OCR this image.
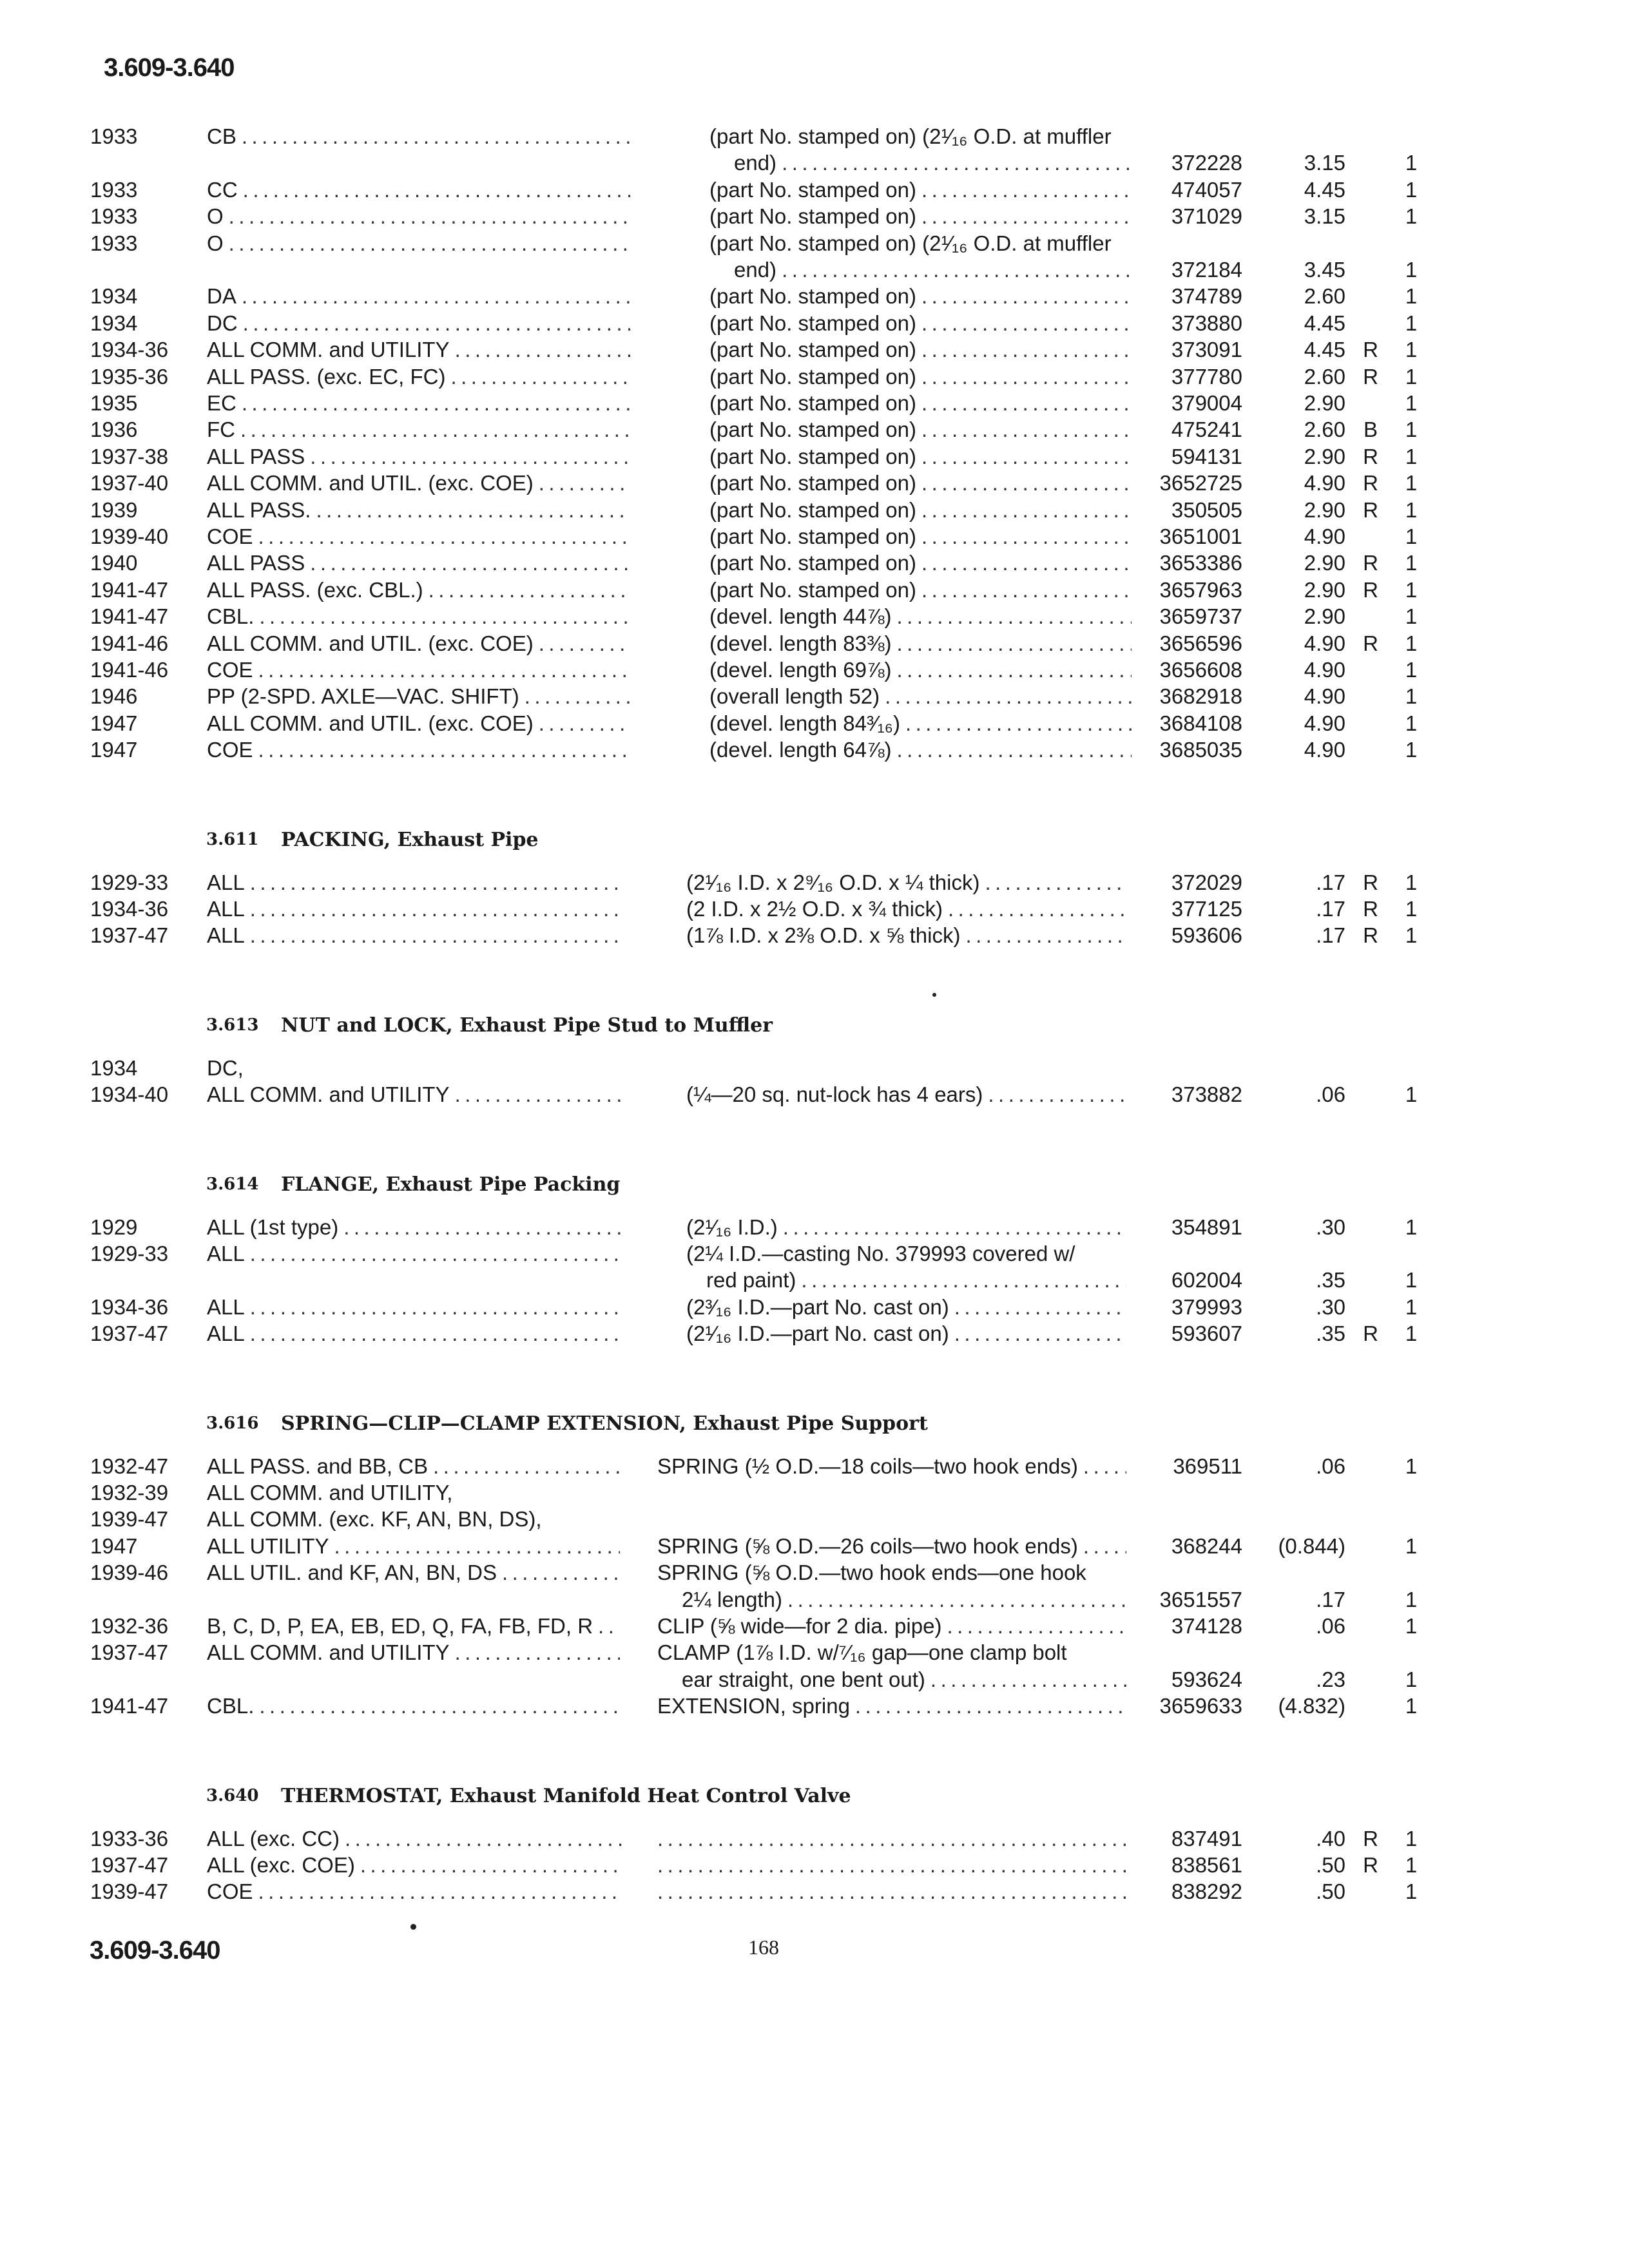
3.609-3.640
1933	CB .....	(part No. stamped on) (2¹⁄₁₆ O.D. at muffler
end) .....	372228	3.15	1
1933	CC .....	(part No. stamped on) .....	474057	4.45	1
1933	O .....	(part No. stamped on) .....	371029	3.15	1
1933	O .....	(part No. stamped on) (2¹⁄₁₆ O.D. at muffler
end) .....	372184	3.45	1
1934	DA .....	(part No. stamped on) .....	374789	2.60	1
1934	DC .....	(part No. stamped on) .....	373880	4.45	1
1934-36 ALL COMM. and UTILITY .....	(part No. stamped on) .....	373091	4.45 R 1
1935-36 ALL PASS. (exc. EC, FC) .....	(part No. stamped on) .....	377780	2.60 R 1
1935	EC .....	(part No. stamped on) .....	379004	2.90	1
1936	FC .....	(part No. stamped on) .....	475241	2.60 B 1
1937-38 ALL PASS .....	(part No. stamped on) .....	594131	2.90 R 1
1937-40 ALL COMM. and UTIL. (exc. COE) .....	(part No. stamped on) .....	3652725	4.90 R 1
1939	ALL PASS. .....	(part No. stamped on) .....	350505	2.90 R 1
1939-40 COE .....	(part No. stamped on) .....	3651001	4.90	1
1940	ALL PASS .....	(part No. stamped on) .....	3653386	2.90 R 1
1941-47 ALL PASS. (exc. CBL.) .....	(part No. stamped on) .....	3657963	2.90 R 1
1941-47 CBL. .....	(devel. length 44⅞) .....	3659737	2.90	1
1941-46 ALL COMM. and UTIL. (exc. COE) .....	(devel. length 83⅜) .....	3656596	4.90 R 1
1941-46 COE .....	(devel. length 69⅞) .....	3656608	4.90	1
1946	PP (2-SPD. AXLE—VAC. SHIFT) .....	(overall length 52) .....	3682918	4.90	1
1947	ALL COMM. and UTIL. (exc. COE) .....	(devel. length 84³⁄₁₆) .....	3684108	4.90	1
1947	COE .....	(devel. length 64⅞) .....	3685035	4.90	1
3.611 PACKING, Exhaust Pipe
1929-33 ALL .....	(2¹⁄₁₆ I.D. x 2⁹⁄₁₆ O.D. x ¼ thick) .....	372029	.17 R 1
1934-36 ALL .....	(2 I.D. x 2½ O.D. x ¾ thick) .....	377125	.17 R 1
1937-47 ALL .....	(1⅞ I.D. x 2⅜ O.D. x ⅝ thick) .....	593606	.17 R 1
3.613 NUT and LOCK, Exhaust Pipe Stud to Muffler
1934	DC,
1934-40 ALL COMM. and UTILITY .....	(¼—20 sq. nut-lock has 4 ears) .....	373882	.06	1
3.614 FLANGE, Exhaust Pipe Packing
1929	ALL (1st type) .....	(2¹⁄₁₆ I.D.) .....	354891	.30	1
1929-33 ALL .....	(2¼ I.D.—casting No. 379993 covered w/
red paint) .....	602004	.35	1
1934-36 ALL .....	(2³⁄₁₆ I.D.—part No. cast on) .....	379993	.30	1
1937-47 ALL .....	(2¹⁄₁₆ I.D.—part No. cast on) .....	593607	.35 R 1
3.616 SPRING—CLIP—CLAMP EXTENSION, Exhaust Pipe Support
1932-47 ALL PASS. and BB, CB .....	SPRING (½ O.D.—18 coils—two hook ends) .....	369511	.06	1
1932-39 ALL COMM. and UTILITY,
1939-47 ALL COMM. (exc. KF, AN, BN, DS),
1947	ALL UTILITY .....	SPRING (⅝ O.D.—26 coils—two hook ends) .....	368244	(0.844)	1
1939-46 ALL UTIL. and KF, AN, BN, DS .....	SPRING (⅝ O.D.—two hook ends—one hook
2¼ length) .....	3651557	.17	1
1932-36 B, C, D, P, EA, EB, ED, Q, FA, FB, FD, R .....	CLIP (⅝ wide—for 2 dia. pipe) .....	374128	.06	1
1937-47 ALL COMM. and UTILITY .....	CLAMP (1⅞ I.D. w/⁷⁄₁₆ gap—one clamp bolt
ear straight, one bent out) .....	593624	.23	1
1941-47 CBL. .....	EXTENSION, spring .....	3659633	(4.832)	1
3.640 THERMOSTAT, Exhaust Manifold Heat Control Valve
1933-36 ALL (exc. CC) ..... .....	837491	.40 R 1
1937-47 ALL (exc. COE) ..... .....	838561	.50 R 1
1939-47 COE ..... .....	838292	.50	1
3.609-3.640	168
